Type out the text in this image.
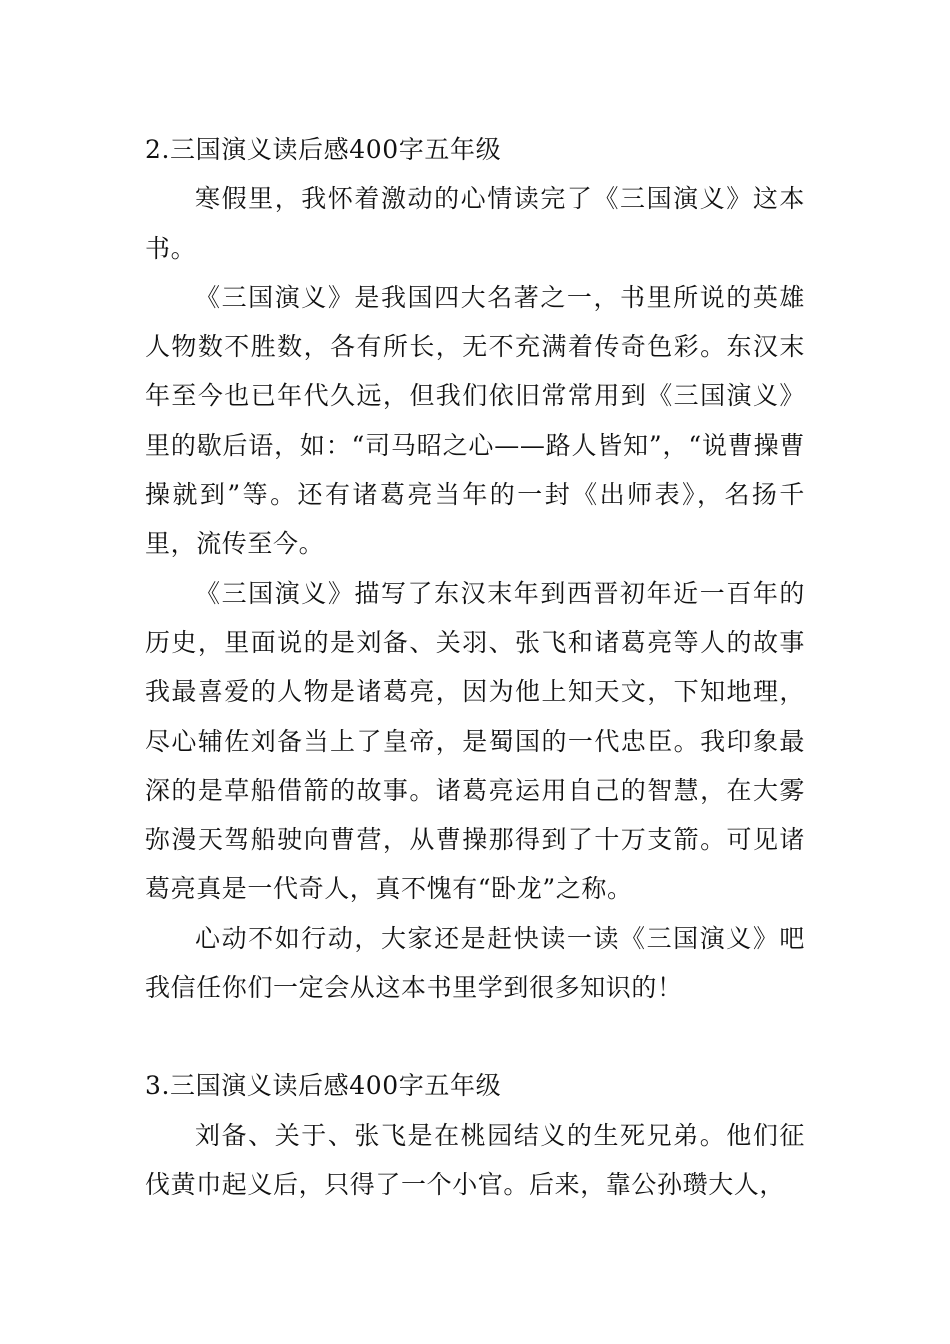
2.三国演义读后感400字五年级

寒假里，我怀着激动的心情读完了《三国演义》这本书。

《三国演义》是我国四大名著之一，书里所说的英雄人物数不胜数，各有所长，无不充满着传奇色彩。东汉末年至今也已年代久远，但我们依旧常常用到《三国演义》里的歇后语，如：“司马昭之心——路人皆知”，“说曹操曹操就到”等。还有诸葛亮当年的一封《出师表》，名扬千里，流传至今。

《三国演义》描写了东汉末年到西晋初年近一百年的历史，里面说的是刘备、关羽、张飞和诸葛亮等人的故事我最喜爱的人物是诸葛亮，因为他上知天文，下知地理，尽心辅佐刘备当上了皇帝，是蜀国的一代忠臣。我印象最深的是草船借箭的故事。诸葛亮运用自己的智慧，在大雾弥漫天驾船驶向曹营，从曹操那得到了十万支箭。可见诸葛亮真是一代奇人，真不愧有“卧龙”之称。

心动不如行动，大家还是赶快读一读《三国演义》吧我信任你们一定会从这本书里学到很多知识的！

3.三国演义读后感400字五年级

刘备、关于、张飞是在桃园结义的生死兄弟。他们征伐黄巾起义后，只得了一个小官。后来，靠公孙瓒大人，
